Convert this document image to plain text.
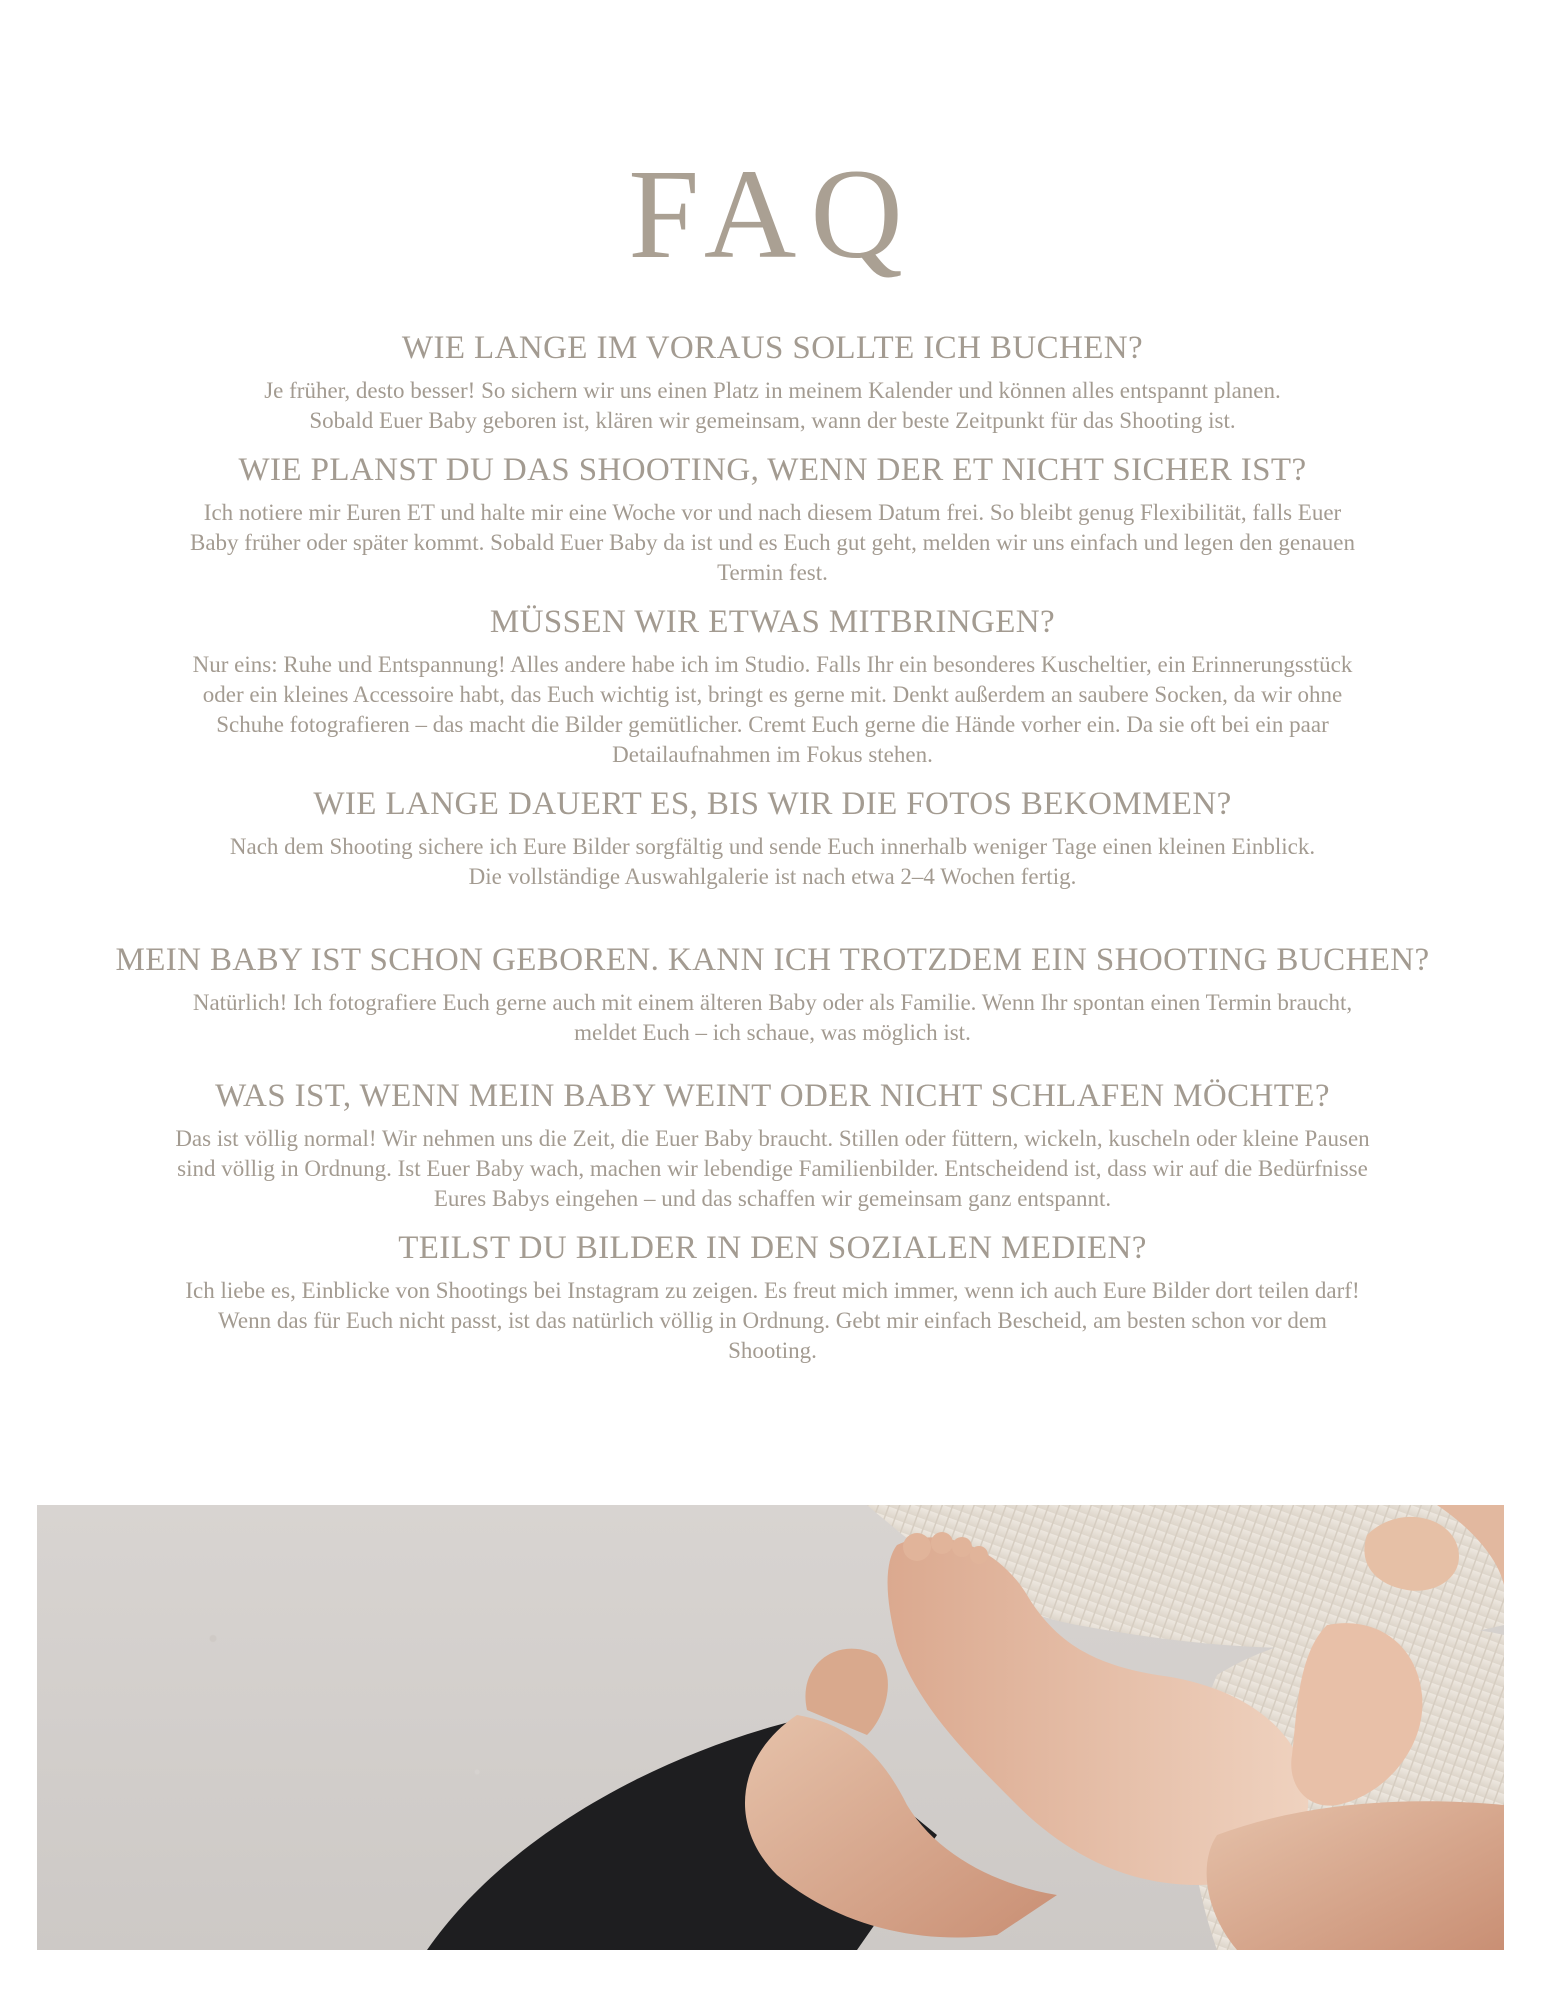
FAQ
WIE LANGE IM VORAUS SOLLTE ICH BUCHEN?

Je früher, desto besser! So sichern wir uns einen Platz in meinem Kalender und können alles entspannt planen.
Sobald Euer Baby geboren ist, klären wir gemeinsam, wann der beste Zeitpunkt für das Shooting ist.

WIE PLANST DU DAS SHOOTING, WENN DER ET NICHT SICHER IST?

Ich notiere mir Euren ET und halte mir eine Woche vor und nach diesem Datum frei. So bleibt genug Flexibilität, falls Euer
Baby früher oder später kommt. Sobald Euer Baby da ist und es Euch gut geht, melden wir uns einfach und legen den genauen
Termin fest.

MÜSSEN WIR ETWAS MITBRINGEN?

Nur eins: Ruhe und Entspannung! Alles andere habe ich im Studio. Falls Ihr ein besonderes Kuscheltier, ein Erinnerungsstück
oder ein kleines Accessoire habt, das Euch wichtig ist, bringt es gerne mit. Denkt außerdem an saubere Socken, da wir ohne
Schuhe fotografieren – das macht die Bilder gemütlicher. Cremt Euch gerne die Hände vorher ein. Da sie oft bei ein paar
Detailaufnahmen im Fokus stehen.

WIE LANGE DAUERT ES, BIS WIR DIE FOTOS BEKOMMEN?

Nach dem Shooting sichere ich Eure Bilder sorgfältig und sende Euch innerhalb weniger Tage einen kleinen Einblick.
Die vollständige Auswahlgalerie ist nach etwa 2–4 Wochen fertig.

MEIN BABY IST SCHON GEBOREN. KANN ICH TROTZDEM EIN SHOOTING BUCHEN?

Natürlich! Ich fotografiere Euch gerne auch mit einem älteren Baby oder als Familie. Wenn Ihr spontan einen Termin braucht,
meldet Euch – ich schaue, was möglich ist.

WAS IST, WENN MEIN BABY WEINT ODER NICHT SCHLAFEN MÖCHTE?

Das ist völlig normal! Wir nehmen uns die Zeit, die Euer Baby braucht. Stillen oder füttern, wickeln, kuscheln oder kleine Pausen
sind völlig in Ordnung. Ist Euer Baby wach, machen wir lebendige Familienbilder. Entscheidend ist, dass wir auf die Bedürfnisse
Eures Babys eingehen – und das schaffen wir gemeinsam ganz entspannt.

TEILST DU BILDER IN DEN SOZIALEN MEDIEN?

Ich liebe es, Einblicke von Shootings bei Instagram zu zeigen. Es freut mich immer, wenn ich auch Eure Bilder dort teilen darf!
Wenn das für Euch nicht passt, ist das natürlich völlig in Ordnung. Gebt mir einfach Bescheid, am besten schon vor dem
Shooting.
